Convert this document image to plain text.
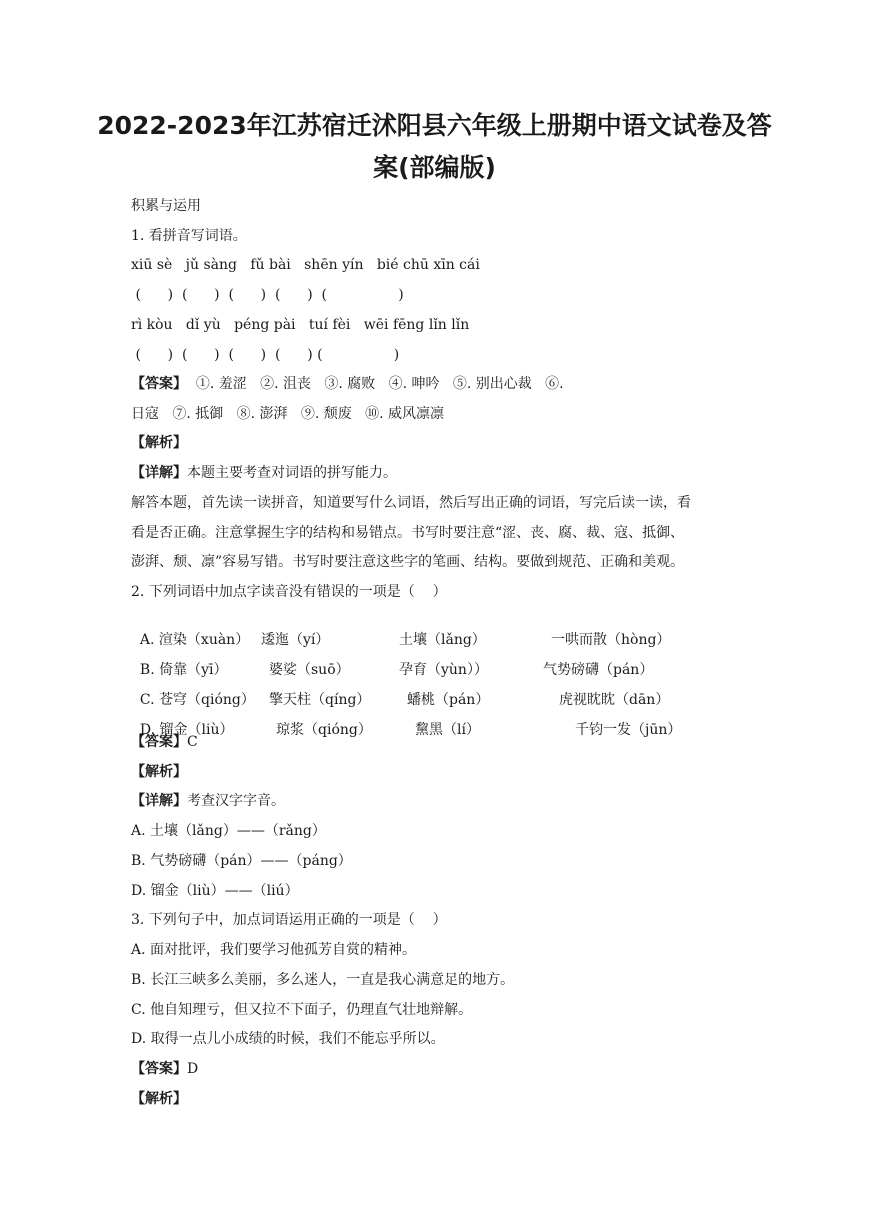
2022-2023年江苏宿迁沭阳县六年级上册期中语文试卷及答
案(部编版)
积累与运用
1. 看拼音写词语。
xiū sè   jǔ sàng   fǔ bài   shēn yín   bié chū xīn cái
(      )  (      )  (      )  (      )  (                )
rì kòu   dǐ yù   péng pài   tuí fèi   wēi fēng lǐn lǐn
(      )  (      )  (      )  (      ) (                )
【答案】  ①. 羞涩   ②. 沮丧   ③. 腐败   ④. 呻吟   ⑤. 别出心裁   ⑥.
日寇   ⑦. 抵御   ⑧. 澎湃   ⑨. 颓废   ⑩. 威风凛凛
【解析】
【详解】本题主要考查对词语的拼写能力。
解答本题，首先读一读拼音，知道要写什么词语，然后写出正确的词语，写完后读一读，看
看是否正确。注意掌握生字的结构和易错点。书写时要注意“涩、丧、腐、裁、寇、抵御、
澎湃、颓、凛”容易写错。书写时要注意这些字的笔画、结构。要做到规范、正确和美观。
2. 下列词语中加点字读音没有错误的一项是（    ）

A. 渲染（xuàn） 逶迤（yí）	土壤（lǎng）	一哄而散（hòng）

B. 倚靠（yī）	婆娑（suō）	孕育（yùn））	气势磅礴（pán）

C. 苍穹（qióng） 擎天柱（qíng）	蟠桃（pán）	虎视眈眈（dān）

D. 镏金（liù）	琼浆（qióng）	黧黑（lí）	千钧一发（jūn）

【答案】C
【解析】
【详解】考查汉字字音。
A. 土壤（lǎng）——（rǎng）
B. 气势磅礴（pán）——（páng）
D. 镏金（liù）——（liú）
3. 下列句子中，加点词语运用正确的一项是（    ）
A. 面对批评，我们要学习他孤芳自赏的精神。
B. 长江三峡多么美丽，多么迷人，一直是我心满意足的地方。
C. 他自知理亏，但又拉不下面子，仍理直气壮地辩解。
D. 取得一点儿小成绩的时候，我们不能忘乎所以。
【答案】D
【解析】
